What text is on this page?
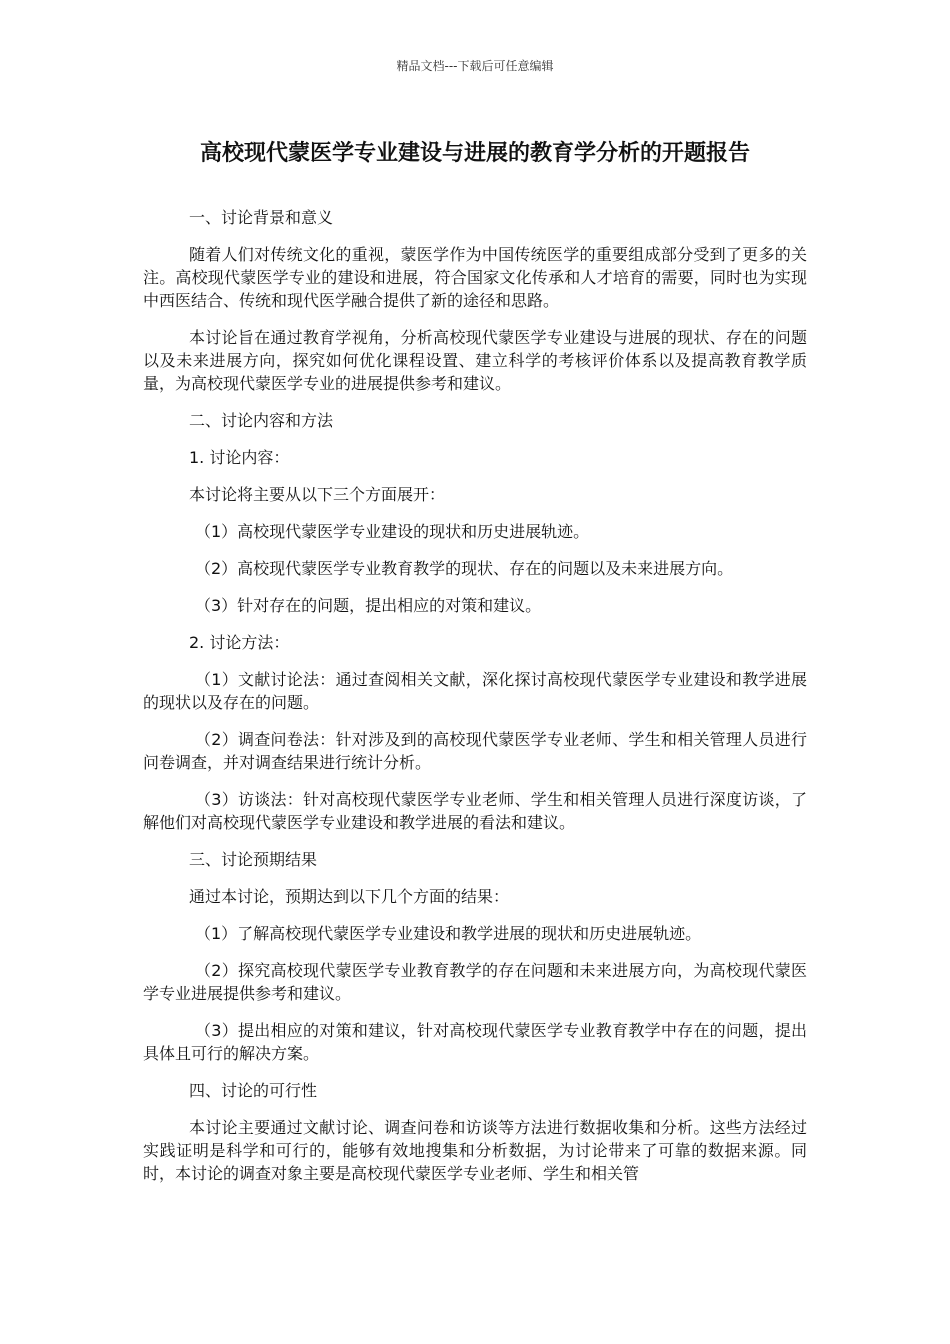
精品文档---下载后可任意编辑
高校现代蒙医学专业建设与进展的教育学分析的开题报告

一、讨论背景和意义

随着人们对传统文化的重视，蒙医学作为中国传统医学的重要组成部分受到了更多的关注。高校现代蒙医学专业的建设和进展，符合国家文化传承和人才培育的需要，同时也为实现中西医结合、传统和现代医学融合提供了新的途径和思路。

本讨论旨在通过教育学视角，分析高校现代蒙医学专业建设与进展的现状、存在的问题以及未来进展方向，探究如何优化课程设置、建立科学的考核评价体系以及提高教育教学质量，为高校现代蒙医学专业的进展提供参考和建议。

二、讨论内容和方法

1. 讨论内容：

本讨论将主要从以下三个方面展开：

（1）高校现代蒙医学专业建设的现状和历史进展轨迹。

（2）高校现代蒙医学专业教育教学的现状、存在的问题以及未来进展方向。

（3）针对存在的问题，提出相应的对策和建议。

2. 讨论方法：

（1）文献讨论法：通过查阅相关文献，深化探讨高校现代蒙医学专业建设和教学进展的现状以及存在的问题。

（2）调查问卷法：针对涉及到的高校现代蒙医学专业老师、学生和相关管理人员进行问卷调查，并对调查结果进行统计分析。

（3）访谈法：针对高校现代蒙医学专业老师、学生和相关管理人员进行深度访谈，了解他们对高校现代蒙医学专业建设和教学进展的看法和建议。

三、讨论预期结果

通过本讨论，预期达到以下几个方面的结果：

（1）了解高校现代蒙医学专业建设和教学进展的现状和历史进展轨迹。

（2）探究高校现代蒙医学专业教育教学的存在问题和未来进展方向，为高校现代蒙医学专业进展提供参考和建议。

（3）提出相应的对策和建议，针对高校现代蒙医学专业教育教学中存在的问题，提出具体且可行的解决方案。

四、讨论的可行性

本讨论主要通过文献讨论、调查问卷和访谈等方法进行数据收集和分析。这些方法经过实践证明是科学和可行的，能够有效地搜集和分析数据，为讨论带来了可靠的数据来源。同时，本讨论的调查对象主要是高校现代蒙医学专业老师、学生和相关管
